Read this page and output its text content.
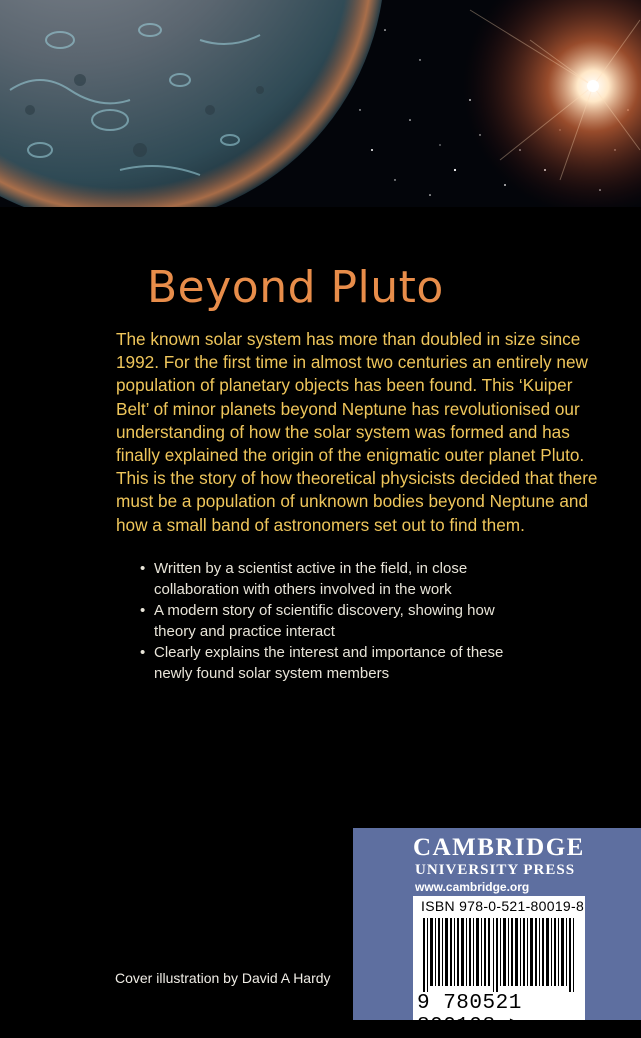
Beyond Pluto

The known solar system has more than doubled in size since 1992. For the first time in almost two centuries an entirely new population of planetary objects has been found. This ‘Kuiper Belt’ of minor planets beyond Neptune has revolutionised our understanding of how the solar system was formed and has finally explained the origin of the enigmatic outer planet Pluto. This is the story of how theoretical physicists decided that there must be a population of unknown bodies beyond Neptune and how a small band of astronomers set out to find them.

• Written by a scientist active in the field, in close collaboration with others involved in the work
• A modern story of scientific discovery, showing how theory and practice interact
• Clearly explains the interest and importance of these newly found solar system members

Cover illustration by David A Hardy

CAMBRIDGE
UNIVERSITY PRESS
www.cambridge.org
ISBN 978-0-521-80019-8
9 780521 800198 >
